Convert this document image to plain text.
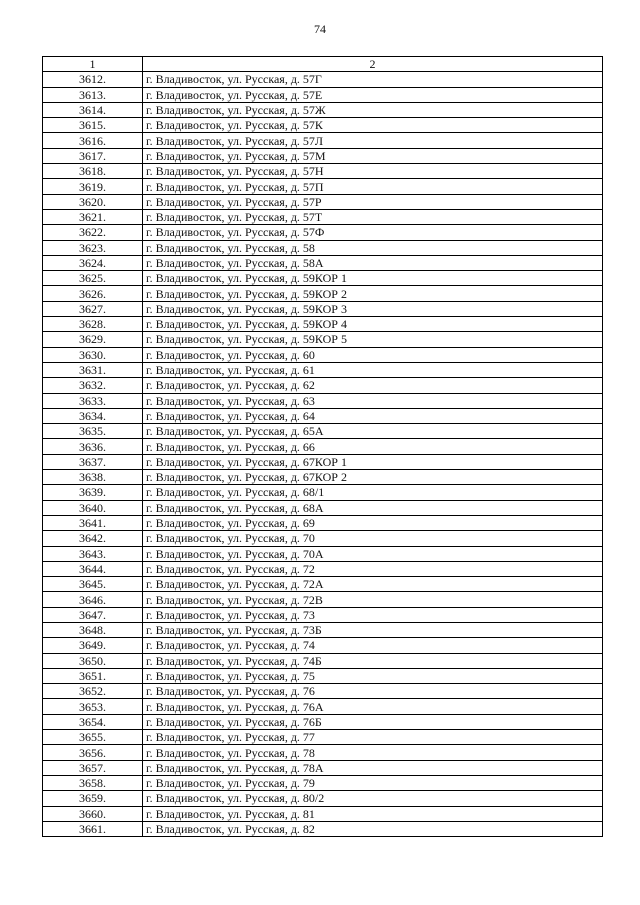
74
1	2
3612.	г. Владивосток, ул. Русская, д. 57Г
3613.	г. Владивосток, ул. Русская, д. 57Е
3614.	г. Владивосток, ул. Русская, д. 57Ж
3615.	г. Владивосток, ул. Русская, д. 57К
3616.	г. Владивосток, ул. Русская, д. 57Л
3617.	г. Владивосток, ул. Русская, д. 57М
3618.	г. Владивосток, ул. Русская, д. 57Н
3619.	г. Владивосток, ул. Русская, д. 57П
3620.	г. Владивосток, ул. Русская, д. 57Р
3621.	г. Владивосток, ул. Русская, д. 57Т
3622.	г. Владивосток, ул. Русская, д. 57Ф
3623.	г. Владивосток, ул. Русская, д. 58
3624.	г. Владивосток, ул. Русская, д. 58А
3625.	г. Владивосток, ул. Русская, д. 59КОР 1
3626.	г. Владивосток, ул. Русская, д. 59КОР 2
3627.	г. Владивосток, ул. Русская, д. 59КОР 3
3628.	г. Владивосток, ул. Русская, д. 59КОР 4
3629.	г. Владивосток, ул. Русская, д. 59КОР 5
3630.	г. Владивосток, ул. Русская, д. 60
3631.	г. Владивосток, ул. Русская, д. 61
3632.	г. Владивосток, ул. Русская, д. 62
3633.	г. Владивосток, ул. Русская, д. 63
3634.	г. Владивосток, ул. Русская, д. 64
3635.	г. Владивосток, ул. Русская, д. 65А
3636.	г. Владивосток, ул. Русская, д. 66
3637.	г. Владивосток, ул. Русская, д. 67КОР 1
3638.	г. Владивосток, ул. Русская, д. 67КОР 2
3639.	г. Владивосток, ул. Русская, д. 68/1
3640.	г. Владивосток, ул. Русская, д. 68А
3641.	г. Владивосток, ул. Русская, д. 69
3642.	г. Владивосток, ул. Русская, д. 70
3643.	г. Владивосток, ул. Русская, д. 70А
3644.	г. Владивосток, ул. Русская, д. 72
3645.	г. Владивосток, ул. Русская, д. 72А
3646.	г. Владивосток, ул. Русская, д. 72В
3647.	г. Владивосток, ул. Русская, д. 73
3648.	г. Владивосток, ул. Русская, д. 73Б
3649.	г. Владивосток, ул. Русская, д. 74
3650.	г. Владивосток, ул. Русская, д. 74Б
3651.	г. Владивосток, ул. Русская, д. 75
3652.	г. Владивосток, ул. Русская, д. 76
3653.	г. Владивосток, ул. Русская, д. 76А
3654.	г. Владивосток, ул. Русская, д. 76Б
3655.	г. Владивосток, ул. Русская, д. 77
3656.	г. Владивосток, ул. Русская, д. 78
3657.	г. Владивосток, ул. Русская, д. 78А
3658.	г. Владивосток, ул. Русская, д. 79
3659.	г. Владивосток, ул. Русская, д. 80/2
3660.	г. Владивосток, ул. Русская, д. 81
3661.	г. Владивосток, ул. Русская, д. 82
